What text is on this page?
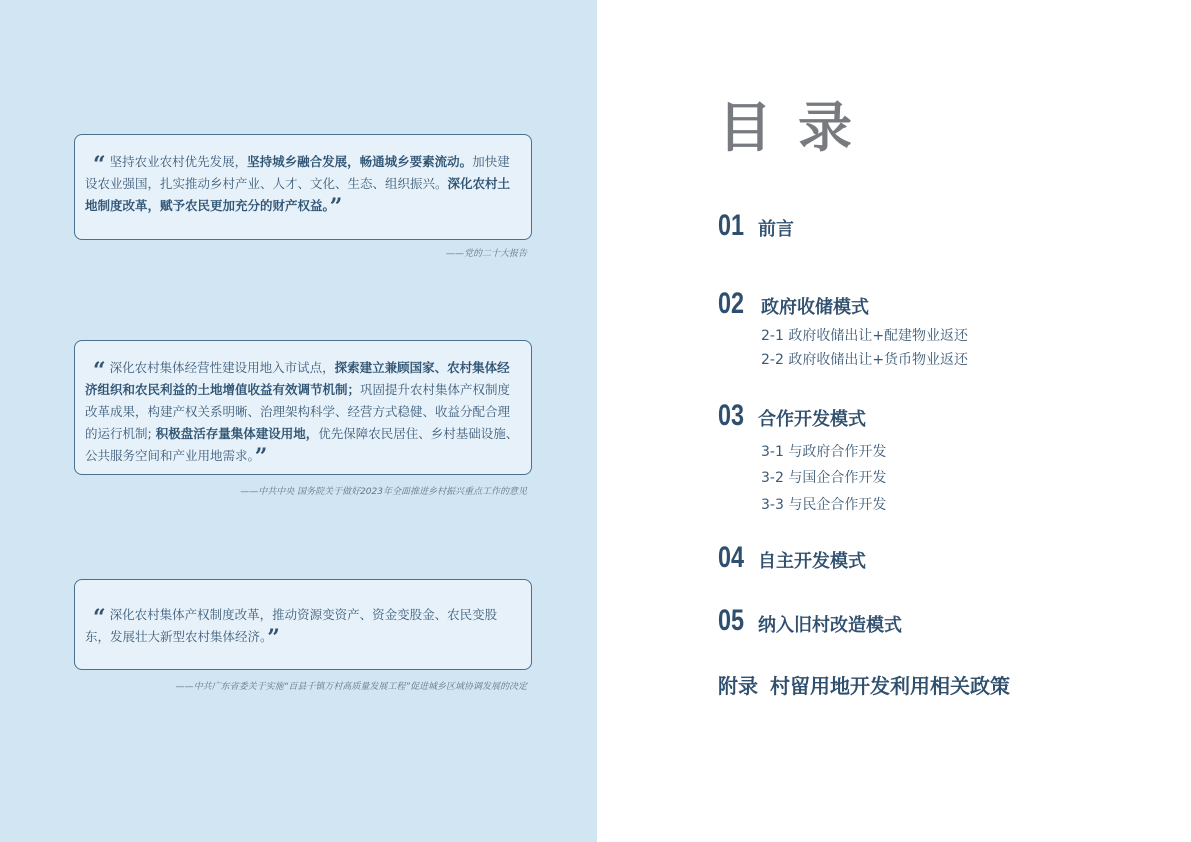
“ 坚持农业农村优先发展，坚持城乡融合发展，畅通城乡要素流动。加快建设农业强国，扎实推动乡村产业、人才、文化、生态、组织振兴。深化农村土地制度改革，赋予农民更加充分的财产权益。”
——党的二十大报告
“ 深化农村集体经营性建设用地入市试点，探索建立兼顾国家、农村集体经济组织和农民利益的土地增值收益有效调节机制；巩固提升农村集体产权制度改革成果，构建产权关系明晰、治理架构科学、经营方式稳健、收益分配合理的运行机制; 积极盘活存量集体建设用地，优先保障农民居住、乡村基础设施、公共服务空间和产业用地需求。”
——中共中央 国务院关于做好2023年全面推进乡村振兴重点工作的意见
“ 深化农村集体产权制度改革，推动资源变资产、资金变股金、农民变股东，发展壮大新型农村集体经济。”
——中共广东省委关于实施“百县千镇万村高质量发展工程”促进城乡区域协调发展的决定
目录
01 前言
02 政府收储模式
2-1 政府收储出让+配建物业返还
2-2 政府收储出让+货币物业返还
03 合作开发模式
3-1 与政府合作开发
3-2 与国企合作开发
3-3 与民企合作开发
04 自主开发模式
05 纳入旧村改造模式
附录 村留用地开发利用相关政策
